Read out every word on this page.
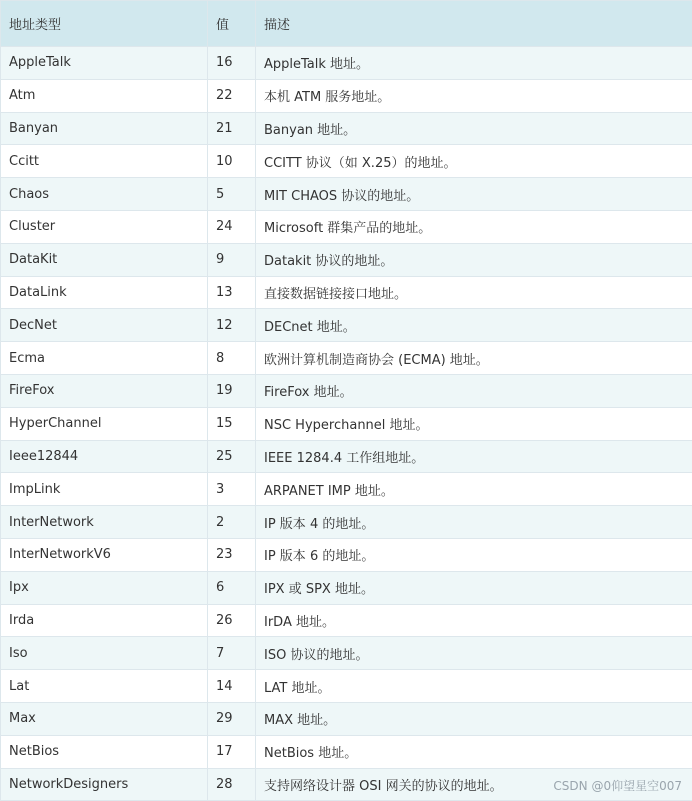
地址类型	值	描述
AppleTalk	16	AppleTalk 地址。
Atm	22	本机 ATM 服务地址。
Banyan	21	Banyan 地址。
Ccitt	10	CCITT 协议（如 X.25）的地址。
Chaos	5	MIT CHAOS 协议的地址。
Cluster	24	Microsoft 群集产品的地址。
DataKit	9	Datakit 协议的地址。
DataLink	13	直接数据链接接口地址。
DecNet	12	DECnet 地址。
Ecma	8	欧洲计算机制造商协会 (ECMA) 地址。
FireFox	19	FireFox 地址。
HyperChannel	15	NSC Hyperchannel 地址。
Ieee12844	25	IEEE 1284.4 工作组地址。
ImpLink	3	ARPANET IMP 地址。
InterNetwork	2	IP 版本 4 的地址。
InterNetworkV6	23	IP 版本 6 的地址。
Ipx	6	IPX 或 SPX 地址。
Irda	26	IrDA 地址。
Iso	7	ISO 协议的地址。
Lat	14	LAT 地址。
Max	29	MAX 地址。
NetBios	17	NetBios 地址。
NetworkDesigners	28	支持网络设计器 OSI 网关的协议的地址。	CSDN @0仰望星空007
